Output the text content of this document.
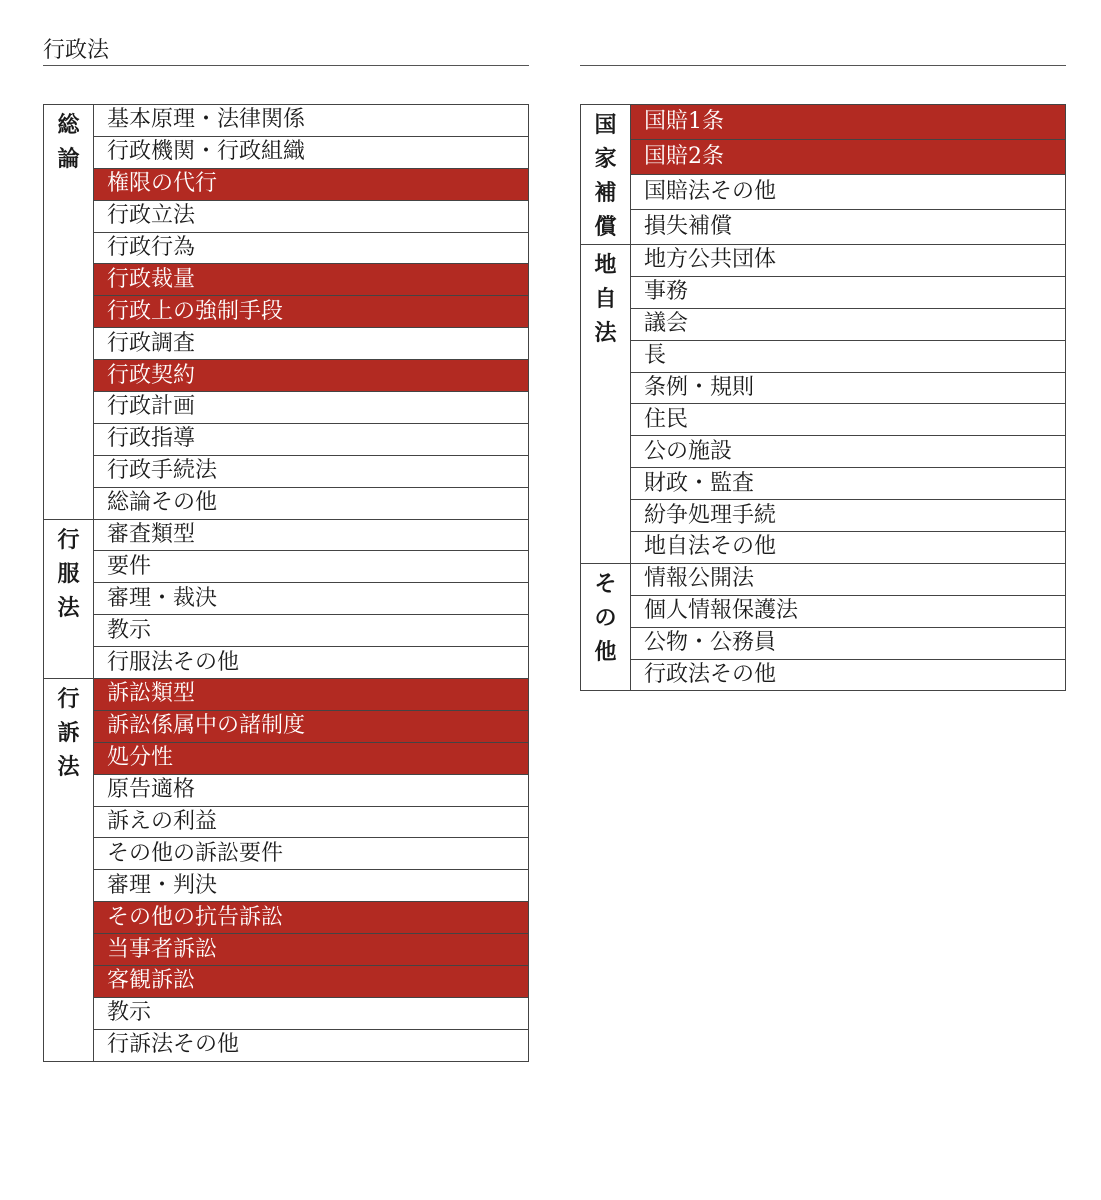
行政法
総
論	基本原理・法律関係
	行政機関・行政組織
	権限の代行
	行政立法
	行政行為
	行政裁量
	行政上の強制手段
	行政調査
	行政契約
	行政計画
	行政指導
	行政手続法
	総論その他

行
服
法	審査類型
	要件
	審理・裁決
	教示
	行服法その他

行
訴
法	訴訟類型
	訴訟係属中の諸制度
	処分性
	原告適格
	訴えの利益
	その他の訴訟要件
	審理・判決
	その他の抗告訴訟
	当事者訴訟
	客観訴訟
	教示
	行訴法その他
国
家
補
償	国賠1条
	国賠2条
	国賠法その他
	損失補償

地
自
法	地方公共団体
	事務
	議会
	長
	条例・規則
	住民
	公の施設
	財政・監査
	紛争処理手続
	地自法その他

そ
の
他	情報公開法
	個人情報保護法
	公物・公務員
	行政法その他
